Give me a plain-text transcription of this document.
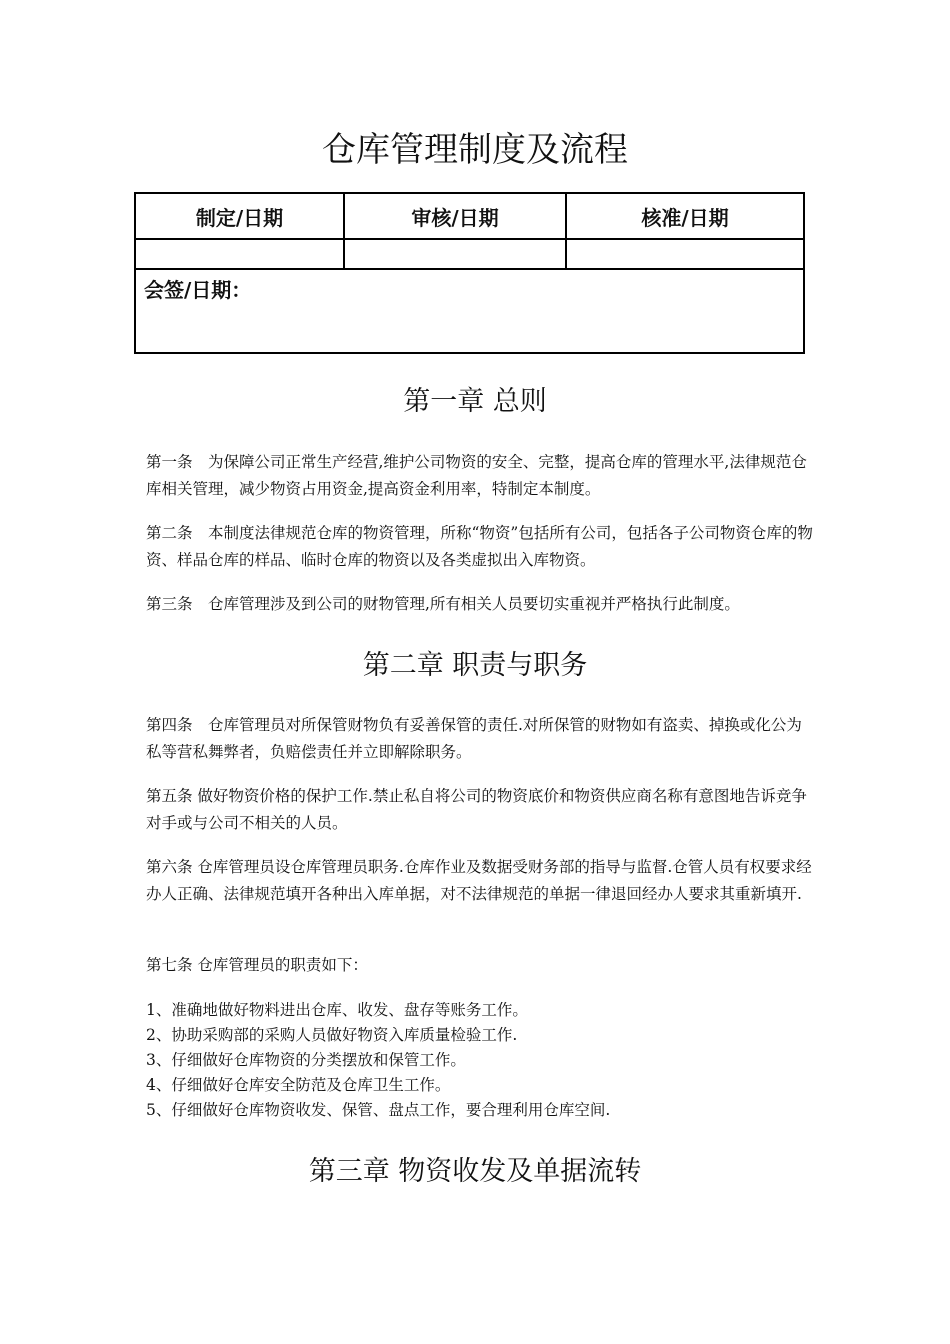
仓库管理制度及流程
制定/日期	审核/日期	核准/日期

会签/日期：		
第一章 总则

第一条　为保障公司正常生产经营,维护公司物资的安全、完整，提高仓库的管理水平,法律规范仓库相关管理，减少物资占用资金,提高资金利用率，特制定本制度。

第二条　本制度法律规范仓库的物资管理，所称“物资”包括所有公司，包括各子公司物资仓库的物资、样品仓库的样品、临时仓库的物资以及各类虚拟出入库物资。

第三条　仓库管理涉及到公司的财物管理,所有相关人员要切实重视并严格执行此制度。

第二章 职责与职务

第四条　仓库管理员对所保管财物负有妥善保管的责任.对所保管的财物如有盗卖、掉换或化公为私等营私舞弊者，负赔偿责任并立即解除职务。

第五条 做好物资价格的保护工作.禁止私自将公司的物资底价和物资供应商名称有意图地告诉竞争对手或与公司不相关的人员。

第六条 仓库管理员设仓库管理员职务.仓库作业及数据受财务部的指导与监督.仓管人员有权要求经办人正确、法律规范填开各种出入库单据，对不法律规范的单据一律退回经办人要求其重新填开.

第七条 仓库管理员的职责如下：

1、准确地做好物料进出仓库、收发、盘存等账务工作。
2、协助采购部的采购人员做好物资入库质量检验工作.
3、仔细做好仓库物资的分类摆放和保管工作。
4、仔细做好仓库安全防范及仓库卫生工作。
5、仔细做好仓库物资收发、保管、盘点工作，要合理利用仓库空间.
第三章 物资收发及单据流转
